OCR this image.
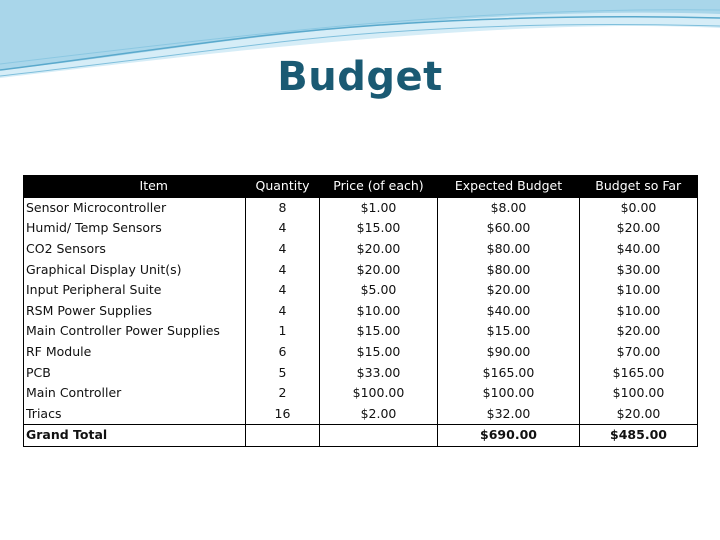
Budget
Item	Quantity	Price (of each)	Expected Budget	Budget so Far
Sensor Microcontroller	8	$1.00	$8.00	$0.00
Humid/ Temp Sensors	4	$15.00	$60.00	$20.00
CO2 Sensors	4	$20.00	$80.00	$40.00
Graphical Display Unit(s)	4	$20.00	$80.00	$30.00
Input Peripheral Suite	4	$5.00	$20.00	$10.00
RSM Power Supplies	4	$10.00	$40.00	$10.00
Main Controller Power Supplies	1	$15.00	$15.00	$20.00
RF Module	6	$15.00	$90.00	$70.00
PCB	5	$33.00	$165.00	$165.00
Main Controller	2	$100.00	$100.00	$100.00
Triacs	16	$2.00	$32.00	$20.00
Grand Total			$690.00	$485.00
